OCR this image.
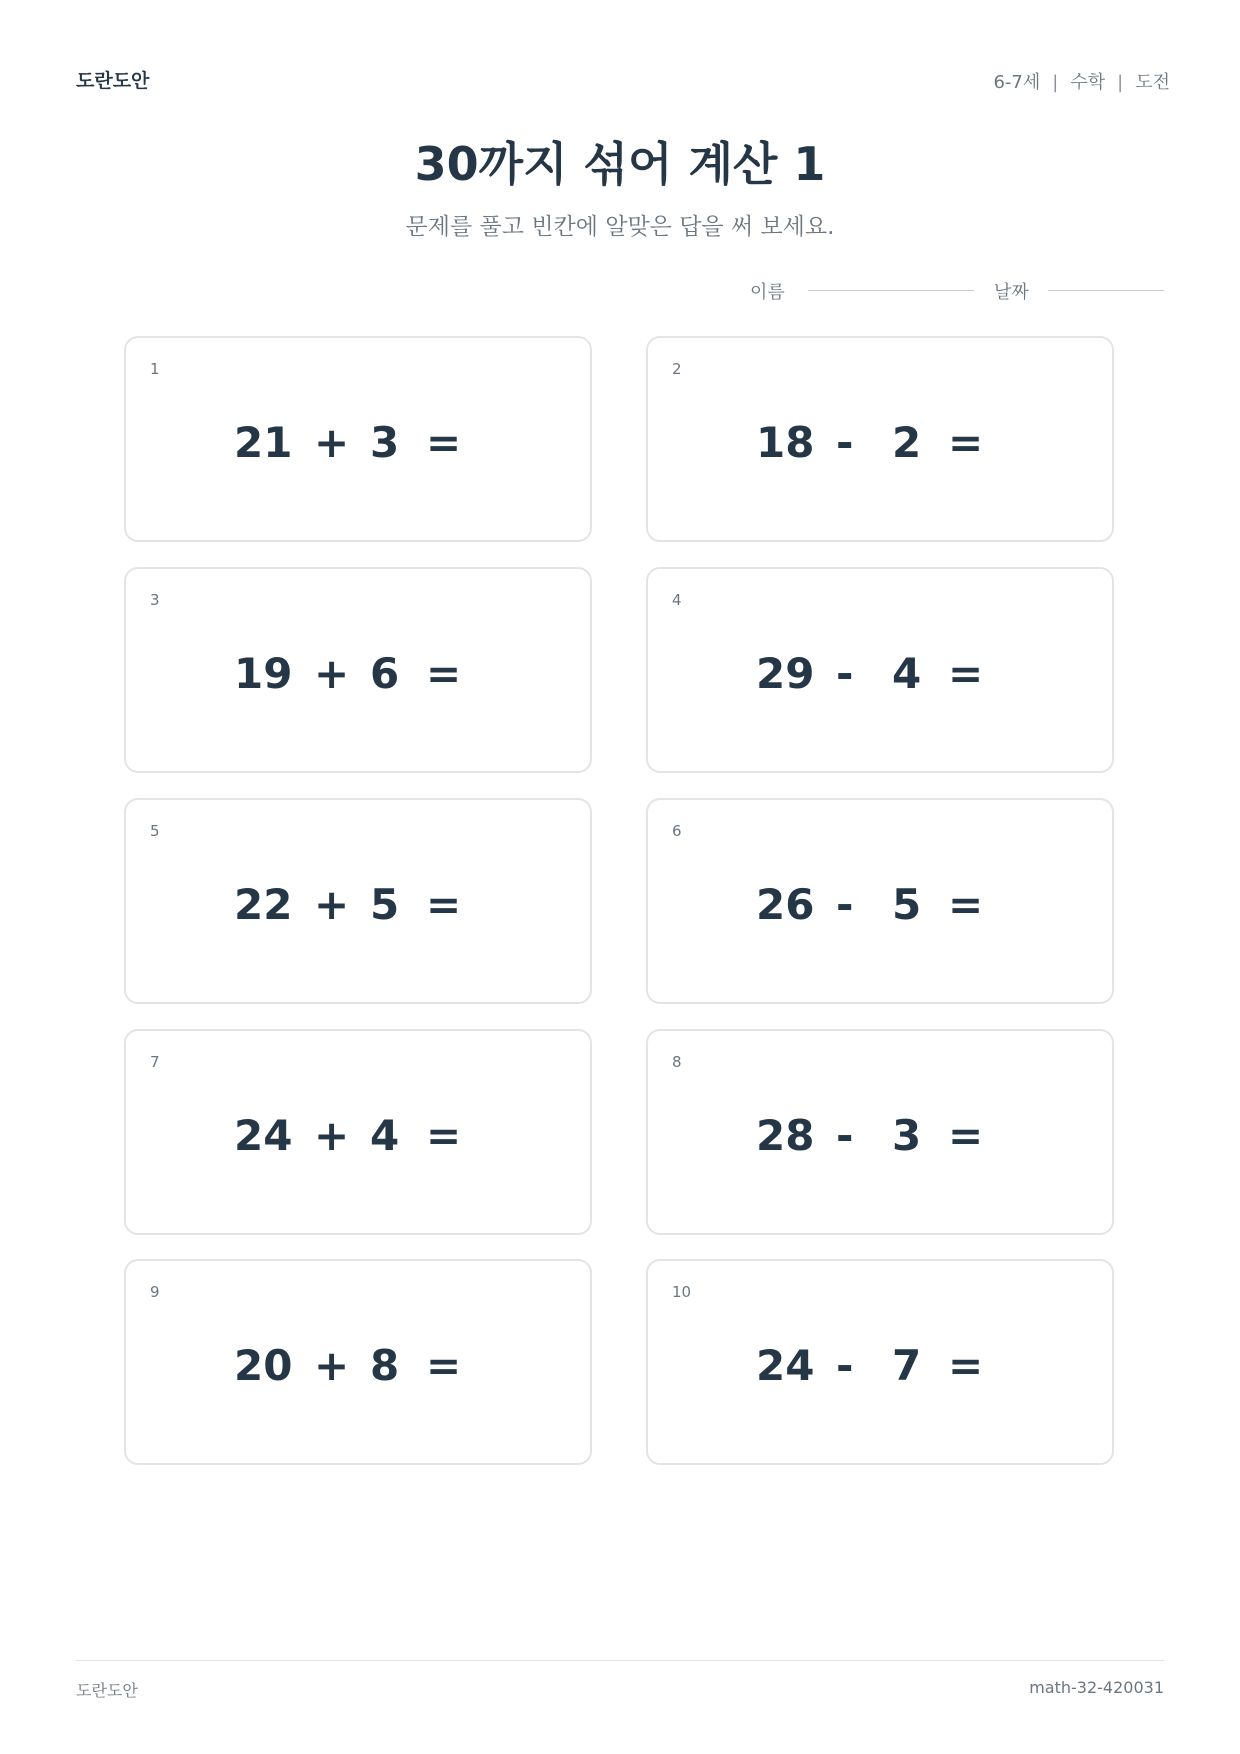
도란도안	6-7세 | 수학 | 도전
30까지 섞어 계산 1
문제를 풀고 빈칸에 알맞은 답을 써 보세요.
이름	날짜
1
21 + 3 =
2
18 - 2 =
3
19 + 6 =
4
29 - 4 =
5
22 + 5 =
6
26 - 5 =
7
24 + 4 =
8
28 - 3 =
9
20 + 8 =
10
24 - 7 =
도란도안	math-32-420031
